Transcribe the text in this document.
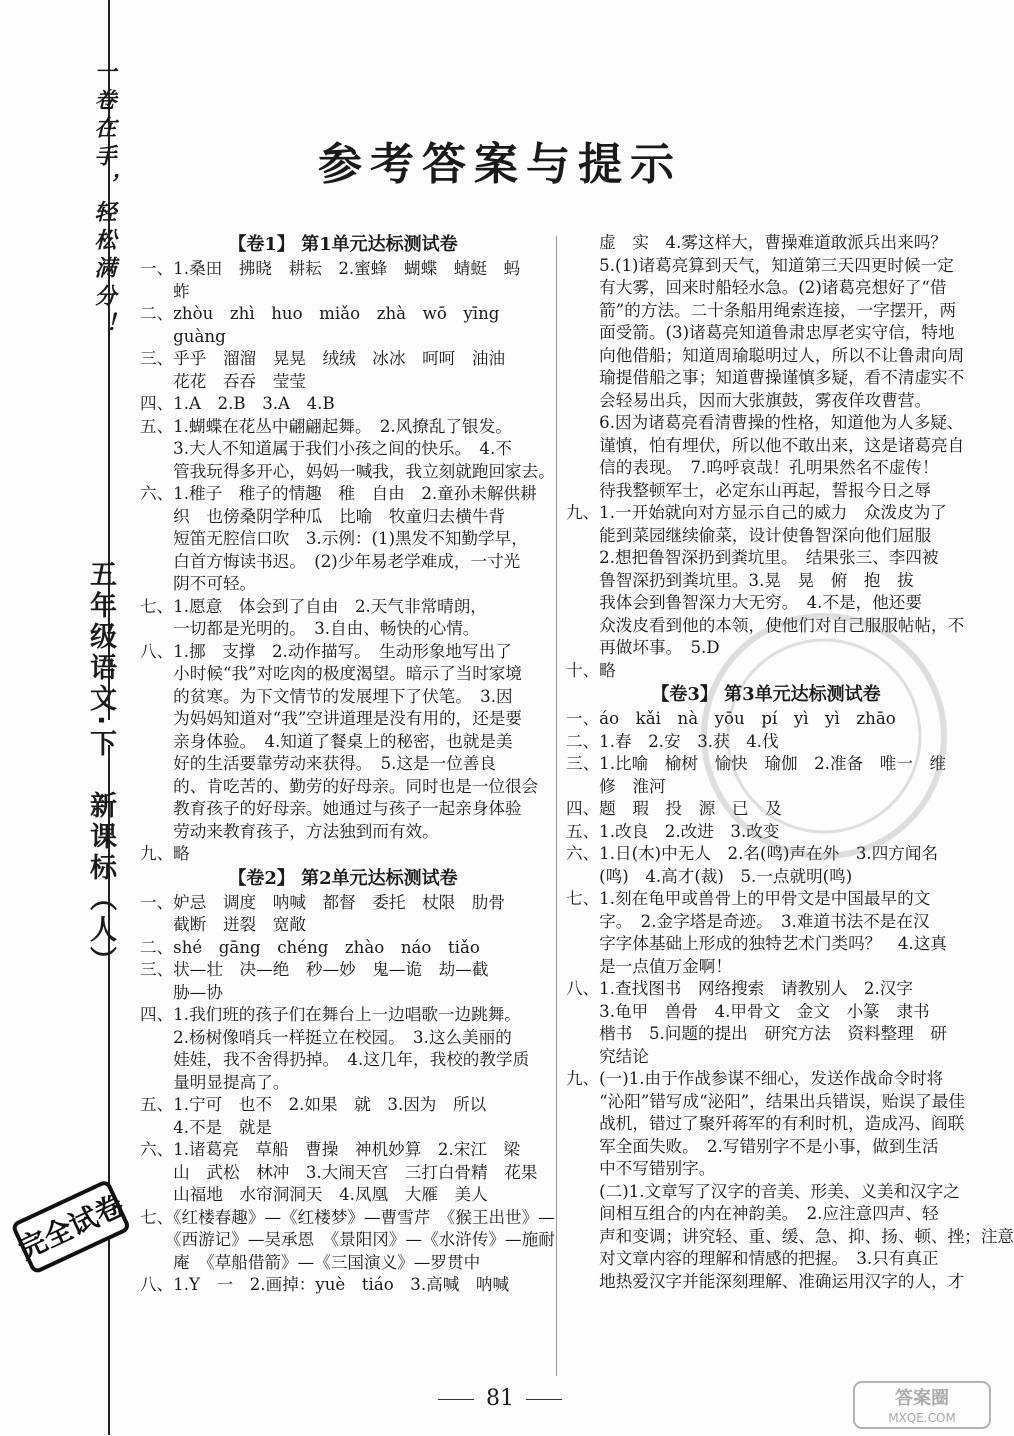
一卷在手，轻松满分！
五年级语文·下　新课标（人）
完全试卷
参考答案与提示
【卷1】 第1单元达标测试卷
一、1.桑田　拂晓　耕耘　2.蜜蜂　蝴蝶　蜻蜓　蚂
　　蚱
二、zhòu　zhì　huo　miǎo　zhà　wō　yīng
　　guàng
三、乎乎　溜溜　晃晃　绒绒　冰冰　呵呵　油油
　　花花　吞吞　莹莹
四、1.A　2.B　3.A　4.B
五、1.蝴蝶在花丛中翩翩起舞。　2.风撩乱了银发。
　　3.大人不知道属于我们小孩之间的快乐。　4.不
　　管我玩得多开心，妈妈一喊我，我立刻就跑回家去。
六、1.稚子　稚子的情趣　稚　自由　2.童孙未解供耕
　　织　也傍桑阴学种瓜　比喻　牧童归去横牛背
　　短笛无腔信口吹　3.示例：(1)黑发不知勤学早，
　　白首方悔读书迟。　(2)少年易老学难成，一寸光
　　阴不可轻。
七、1.愿意　体会到了自由　2.天气非常晴朗，
　　一切都是光明的。　3.自由、畅快的心情。
八、1.挪　支撑　2.动作描写。　生动形象地写出了
　　小时候“我”对吃肉的极度渴望。暗示了当时家境
　　的贫寒。为下文情节的发展埋下了伏笔。　3.因
　　为妈妈知道对“我”空讲道理是没有用的，还是要
　　亲身体验。　4.知道了餐桌上的秘密，也就是美
　　好的生活要靠劳动来获得。　5.这是一位善良
　　的、肯吃苦的、勤劳的好母亲。同时也是一位很会
　　教育孩子的好母亲。她通过与孩子一起亲身体验
　　劳动来教育孩子，方法独到而有效。
九、略
【卷2】 第2单元达标测试卷
一、妒忌　调度　呐喊　都督　委托　杖限　肋骨
　　截断　迸裂　宽敞
二、shé　gāng　chéng　zhào　náo　tiǎo
三、状—壮　决—绝　秒—妙　鬼—诡　劫—截
　　胁—协
四、1.我们班的孩子们在舞台上一边唱歌一边跳舞。
　　2.杨树像哨兵一样挺立在校园。　3.这么美丽的
　　娃娃，我不舍得扔掉。　4.这几年，我校的教学质
　　量明显提高了。
五、1.宁可　也不　2.如果　就　3.因为　所以
　　4.不是　就是
六、1.诸葛亮　草船　曹操　神机妙算　2.宋江　梁
　　山　武松　林冲　3.大闹天宫　三打白骨精　花果
　　山福地　水帘洞洞天　4.凤凰　大雁　美人
七、《红楼春趣》—《红楼梦》—曹雪芹　《猴王出世》—
　　《西游记》—吴承恩　《景阳冈》—《水浒传》—施耐
　　庵　《草船借箭》—《三国演义》—罗贯中
八、1.Y　一　2.画掉：yuè　tiáo　3.高喊　呐喊
　　虚　实　4.雾这样大，曹操难道敢派兵出来吗？
　　5.(1)诸葛亮算到天气，知道第三天四更时候一定
　　有大雾，回来时船轻水急。(2)诸葛亮想好了“借
　　箭”的方法。二十条船用绳索连接，一字摆开，两
　　面受箭。(3)诸葛亮知道鲁肃忠厚老实守信，特地
　　向他借船；知道周瑜聪明过人，所以不让鲁肃向周
　　瑜提借船之事；知道曹操谨慎多疑，看不清虚实不
　　会轻易出兵，因而大张旗鼓，雾夜佯攻曹营。
　　6.因为诸葛亮看清曹操的性格，知道他为人多疑、
　　谨慎，怕有埋伏，所以他不敢出来，这是诸葛亮自
　　信的表现。　7.呜呼哀哉！孔明果然名不虚传！
　　待我整顿军士，必定东山再起，誓报今日之辱
九、1.一开始就向对方显示自己的威力　众泼皮为了
　　能到菜园继续偷菜，设计使鲁智深向他们屈服
　　2.想把鲁智深扔到粪坑里。　结果张三、李四被
　　鲁智深扔到粪坑里。3.晃　晃　俯　抱　拔
　　我体会到鲁智深力大无穷。　4.不是，他还要
　　众泼皮看到他的本领，使他们对自己服服帖帖，不
　　再做坏事。　5.D
十、略
【卷3】 第3单元达标测试卷
一、áo　kǎi　nà　yōu　pí　yì　yì　zhāo
二、1.春　2.安　3.获　4.伐
三、1.比喻　榆树　愉快　瑜伽　2.准备　唯一　维
　　修　淮河
四、题　瑕　投　源　已　及
五、1.改良　2.改进　3.改变
六、1.日(木)中无人　2.名(鸣)声在外　3.四方闻名
　　(鸣)　4.高才(裁)　5.一点就明(鸣)
七、1.刻在龟甲或兽骨上的甲骨文是中国最早的文
　　字。　2.金字塔是奇迹。　3.难道书法不是在汉
　　字字体基础上形成的独特艺术门类吗？　4.这真
　　是一点值万金啊！
八、1.查找图书　网络搜索　请教别人　2.汉字
　　3.龟甲　兽骨　4.甲骨文　金文　小篆　隶书
　　楷书　5.问题的提出　研究方法　资料整理　研
　　究结论
九、(一)1.由于作战参谋不细心，发送作战命令时将
　　“沁阳”错写成“泌阳”，结果出兵错误，贻误了最佳
　　战机，错过了聚歼蒋军的有利时机，造成冯、阎联
　　军全面失败。　2.写错别字不是小事，做到生活
　　中不写错别字。
　　(二)1.文章写了汉字的音美、形美、义美和汉字之
　　间相互组合的内在神韵美。　2.应注意四声、轻
　　声和变调；讲究轻、重、缓、急、抑、扬、顿、挫；注意
　　对文章内容的理解和情感的把握。　3.只有真正
　　地热爱汉字并能深刻理解、准确运用汉字的人，才
81	答案圈
MXQE.COM
